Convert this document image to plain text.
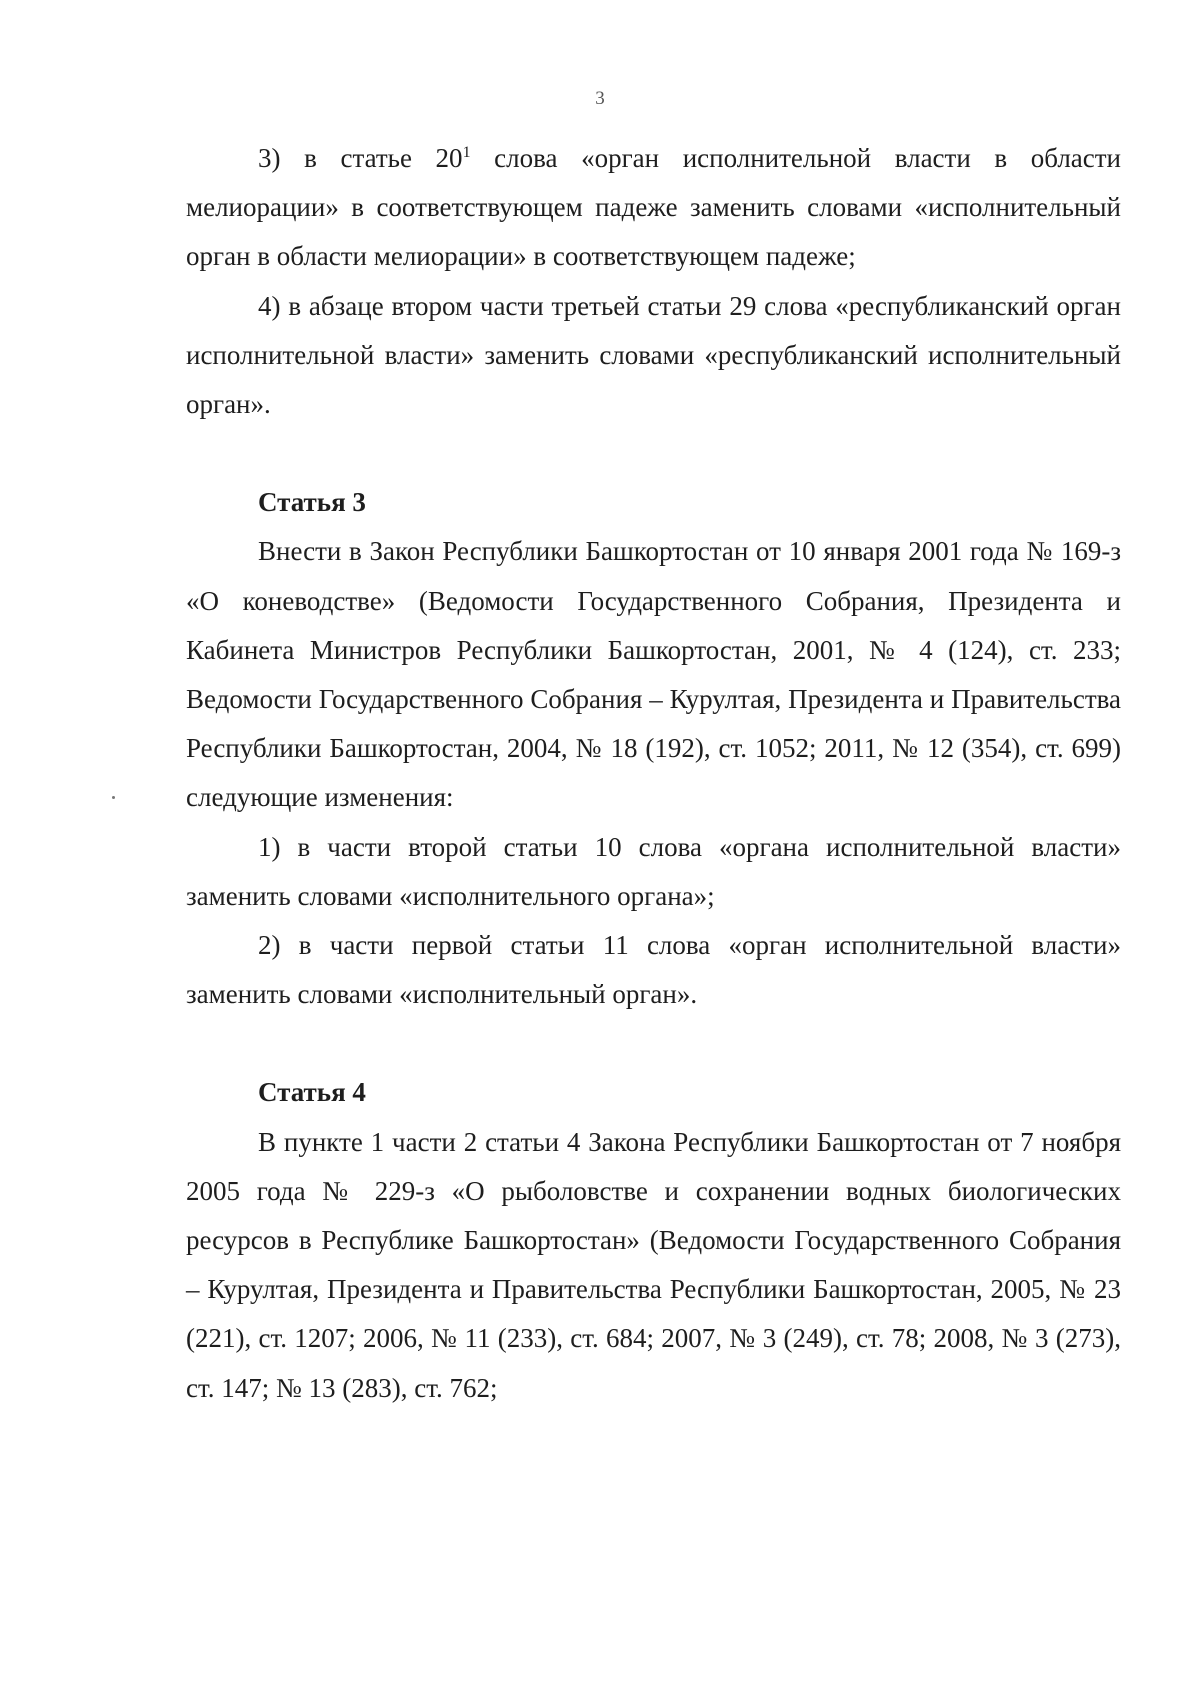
3

3) в статье $20^1$ слова «орган исполнительной власти в области мелиорации» в соответствующем падеже заменить словами «исполнительный орган в области мелиорации» в соответствующем падеже;

4) в абзаце втором части третьей статьи 29 слова «республиканский орган исполнительной власти» заменить словами «республиканский исполнительный орган».

Статья 3

Внести в Закон Республики Башкортостан от 10 января 2001 года № 169-з «О коневодстве» (Ведомости Государственного Собрания, Президента и Кабинета Министров Республики Башкортостан, 2001, № 4 (124), ст. 233; Ведомости Государственного Собрания – Курултая, Президента и Правительства Республики Башкортостан, 2004, № 18 (192), ст. 1052; 2011, № 12 (354), ст. 699) следующие изменения:

1) в части второй статьи 10 слова «органа исполнительной власти» заменить словами «исполнительного органа»;

2) в части первой статьи 11 слова «орган исполнительной власти» заменить словами «исполнительный орган».

Статья 4

В пункте 1 части 2 статьи 4 Закона Республики Башкортостан от 7 ноября 2005 года № 229-з «О рыболовстве и сохранении водных биологических ресурсов в Республике Башкортостан» (Ведомости Государственного Собрания – Курултая, Президента и Правительства Республики Башкортостан, 2005, № 23 (221), ст. 1207; 2006, № 11 (233), ст. 684; 2007, № 3 (249), ст. 78; 2008, № 3 (273), ст. 147; № 13 (283), ст. 762;
